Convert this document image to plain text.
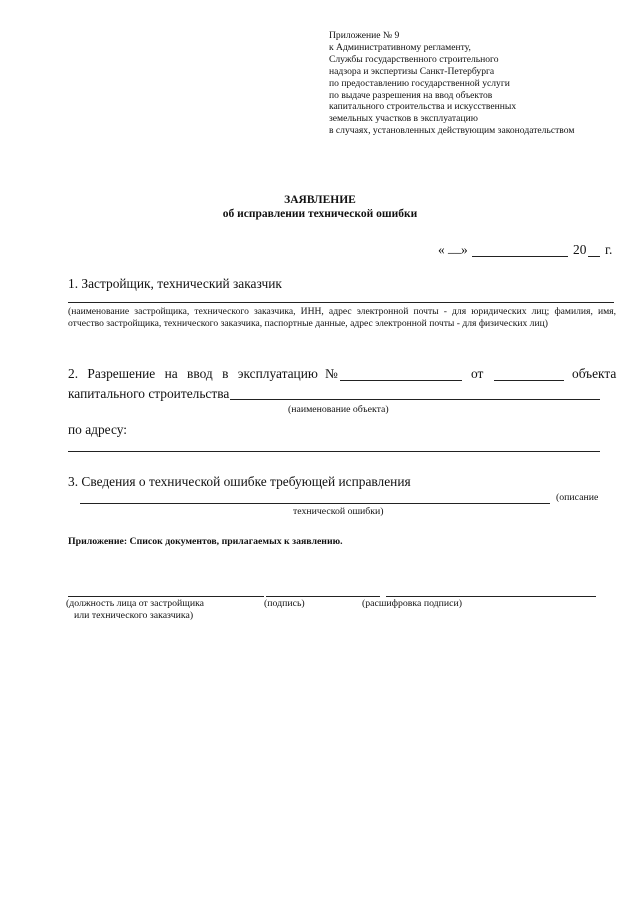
Приложение № 9
к Административному регламенту,
Службы государственного строительного
надзора и экспертизы Санкт-Петербурга
по предоставлению государственной услуги
по выдаче разрешения на ввод объектов
капитального строительства и искусственных
земельных участков в эксплуатацию
в случаях, установленных действующим законодательством
ЗАЯВЛЕНИЕ
об исправлении технической ошибки
« __ »	20 г.
1. Застройщик, технический заказчик
(наименование застройщика, технического заказчика, ИНН, адрес электронной почты - для юридических лиц; фамилия, имя, отчество застройщика, технического заказчика, паспортные данные, адрес электронной почты - для физических лиц)
2. Разрешение на ввод в эксплуатацию №	от	объекта
капитального строительства
(наименование объекта)
по адресу:
3. Сведения о технической ошибке требующей исправления
(описание
технической ошибки)
Приложение: Список документов, прилагаемых к заявлению.
(должность лица от застройщика
или технического заказчика)
(подпись)	(расшифровка подписи)
